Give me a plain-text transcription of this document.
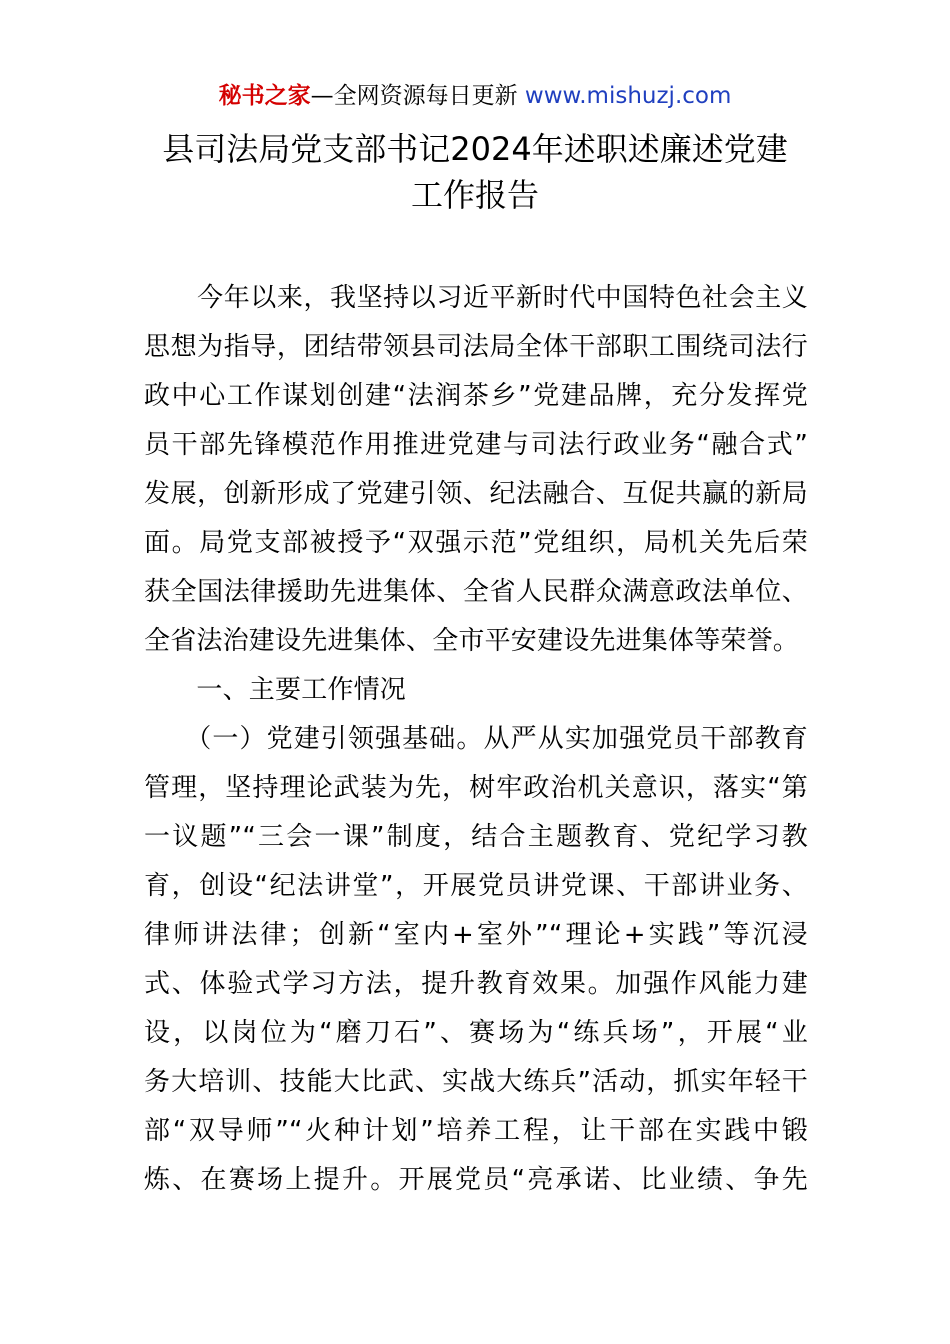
秘书之家—全网资源每日更新 www.mishuzj.com
县司法局党支部书记2024年述职述廉述党建
工作报告
　　今年以来，我坚持以习近平新时代中国特色社会主义
思想为指导，团结带领县司法局全体干部职工围绕司法行
政中心工作谋划创建“法润茶乡”党建品牌，充分发挥党
员干部先锋模范作用推进党建与司法行政业务“融合式”
发展，创新形成了党建引领、纪法融合、互促共赢的新局
面。局党支部被授予“双强示范”党组织，局机关先后荣
获全国法律援助先进集体、全省人民群众满意政法单位、
全省法治建设先进集体、全市平安建设先进集体等荣誉。
　　一、主要工作情况
　　（一）党建引领强基础。从严从实加强党员干部教育
管理，坚持理论武装为先，树牢政治机关意识，落实“第
一议题”“三会一课”制度，结合主题教育、党纪学习教
育，创设“纪法讲堂”，开展党员讲党课、干部讲业务、
律师讲法律；创新“室内+室外”“理论+实践”等沉浸
式、体验式学习方法，提升教育效果。加强作风能力建
设，以岗位为“磨刀石”、赛场为“练兵场”，开展“业
务大培训、技能大比武、实战大练兵”活动，抓实年轻干
部“双导师”“火种计划”培养工程，让干部在实践中锻
炼、在赛场上提升。开展党员“亮承诺、比业绩、争先
